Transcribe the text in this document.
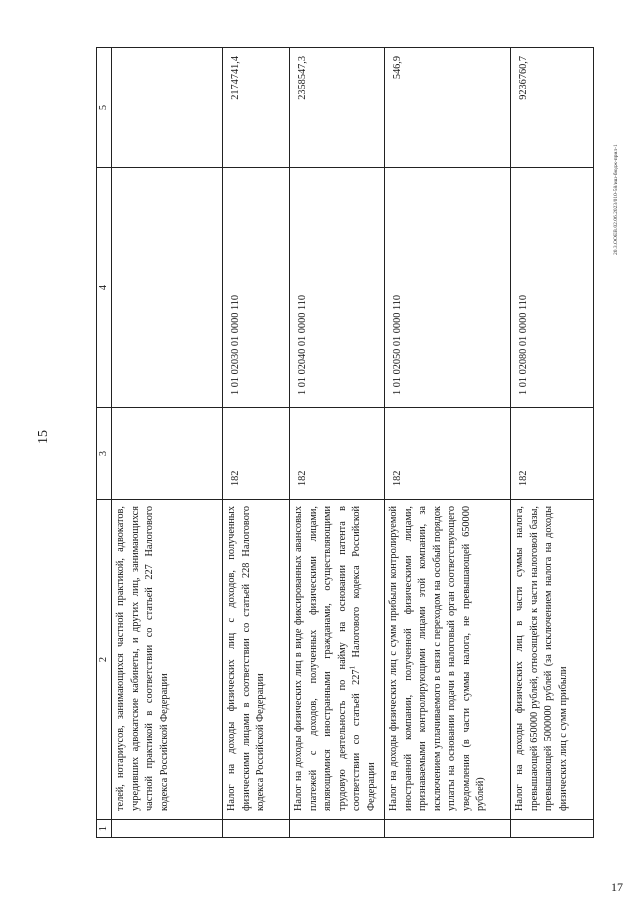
15
20.3.OOEB.02.06.2023/010-58/иш-бюдж-прил-1
17
1	2	3	4	5

	телей, нотариусов, занимающихся частной практикой, адвокатов, учредивших адвокатские кабинеты, и других лиц, занимающихся частной практикой в соответствии со статьей 227 Налогового кодекса Российской Федерации			

	Налог на доходы физических лиц с доходов, полученных физическими лицами в соответствии со статьей 228 Налогового кодекса Российской Федерации	182	1 01 02030 01 0000 110	2174741,4

	Налог на доходы физических лиц в виде фиксированных авансовых платежей с доходов, полученных физическими лицами, являющимися иностранными гражданами, осуществляющими трудовую деятельность по найму на основании патента в соответствии со статьей $227^1$ Налогового кодекса Российской Федерации	182	1 01 02040 01 0000 110	2358547,3

	Налог на доходы физических лиц с сумм прибыли контролируемой иностранной компании, полученной физическими лицами, признаваемыми контролирующими лицами этой компании, за исключением уплачиваемого в связи с переходом на особый порядок уплаты на основании подачи в налоговый орган соответствующего уведомления (в части суммы налога, не превышающей 650000 рублей)	182	1 01 02050 01 0000 110	546,9

	Налог на доходы физических лиц в части суммы налога, превышающей 650000 рублей, относящейся к части налоговой базы, превышающей 5000000 рублей (за исключением налога на доходы физических лиц с сумм прибыли	182	1 01 02080 01 0000 110	9236760,7
